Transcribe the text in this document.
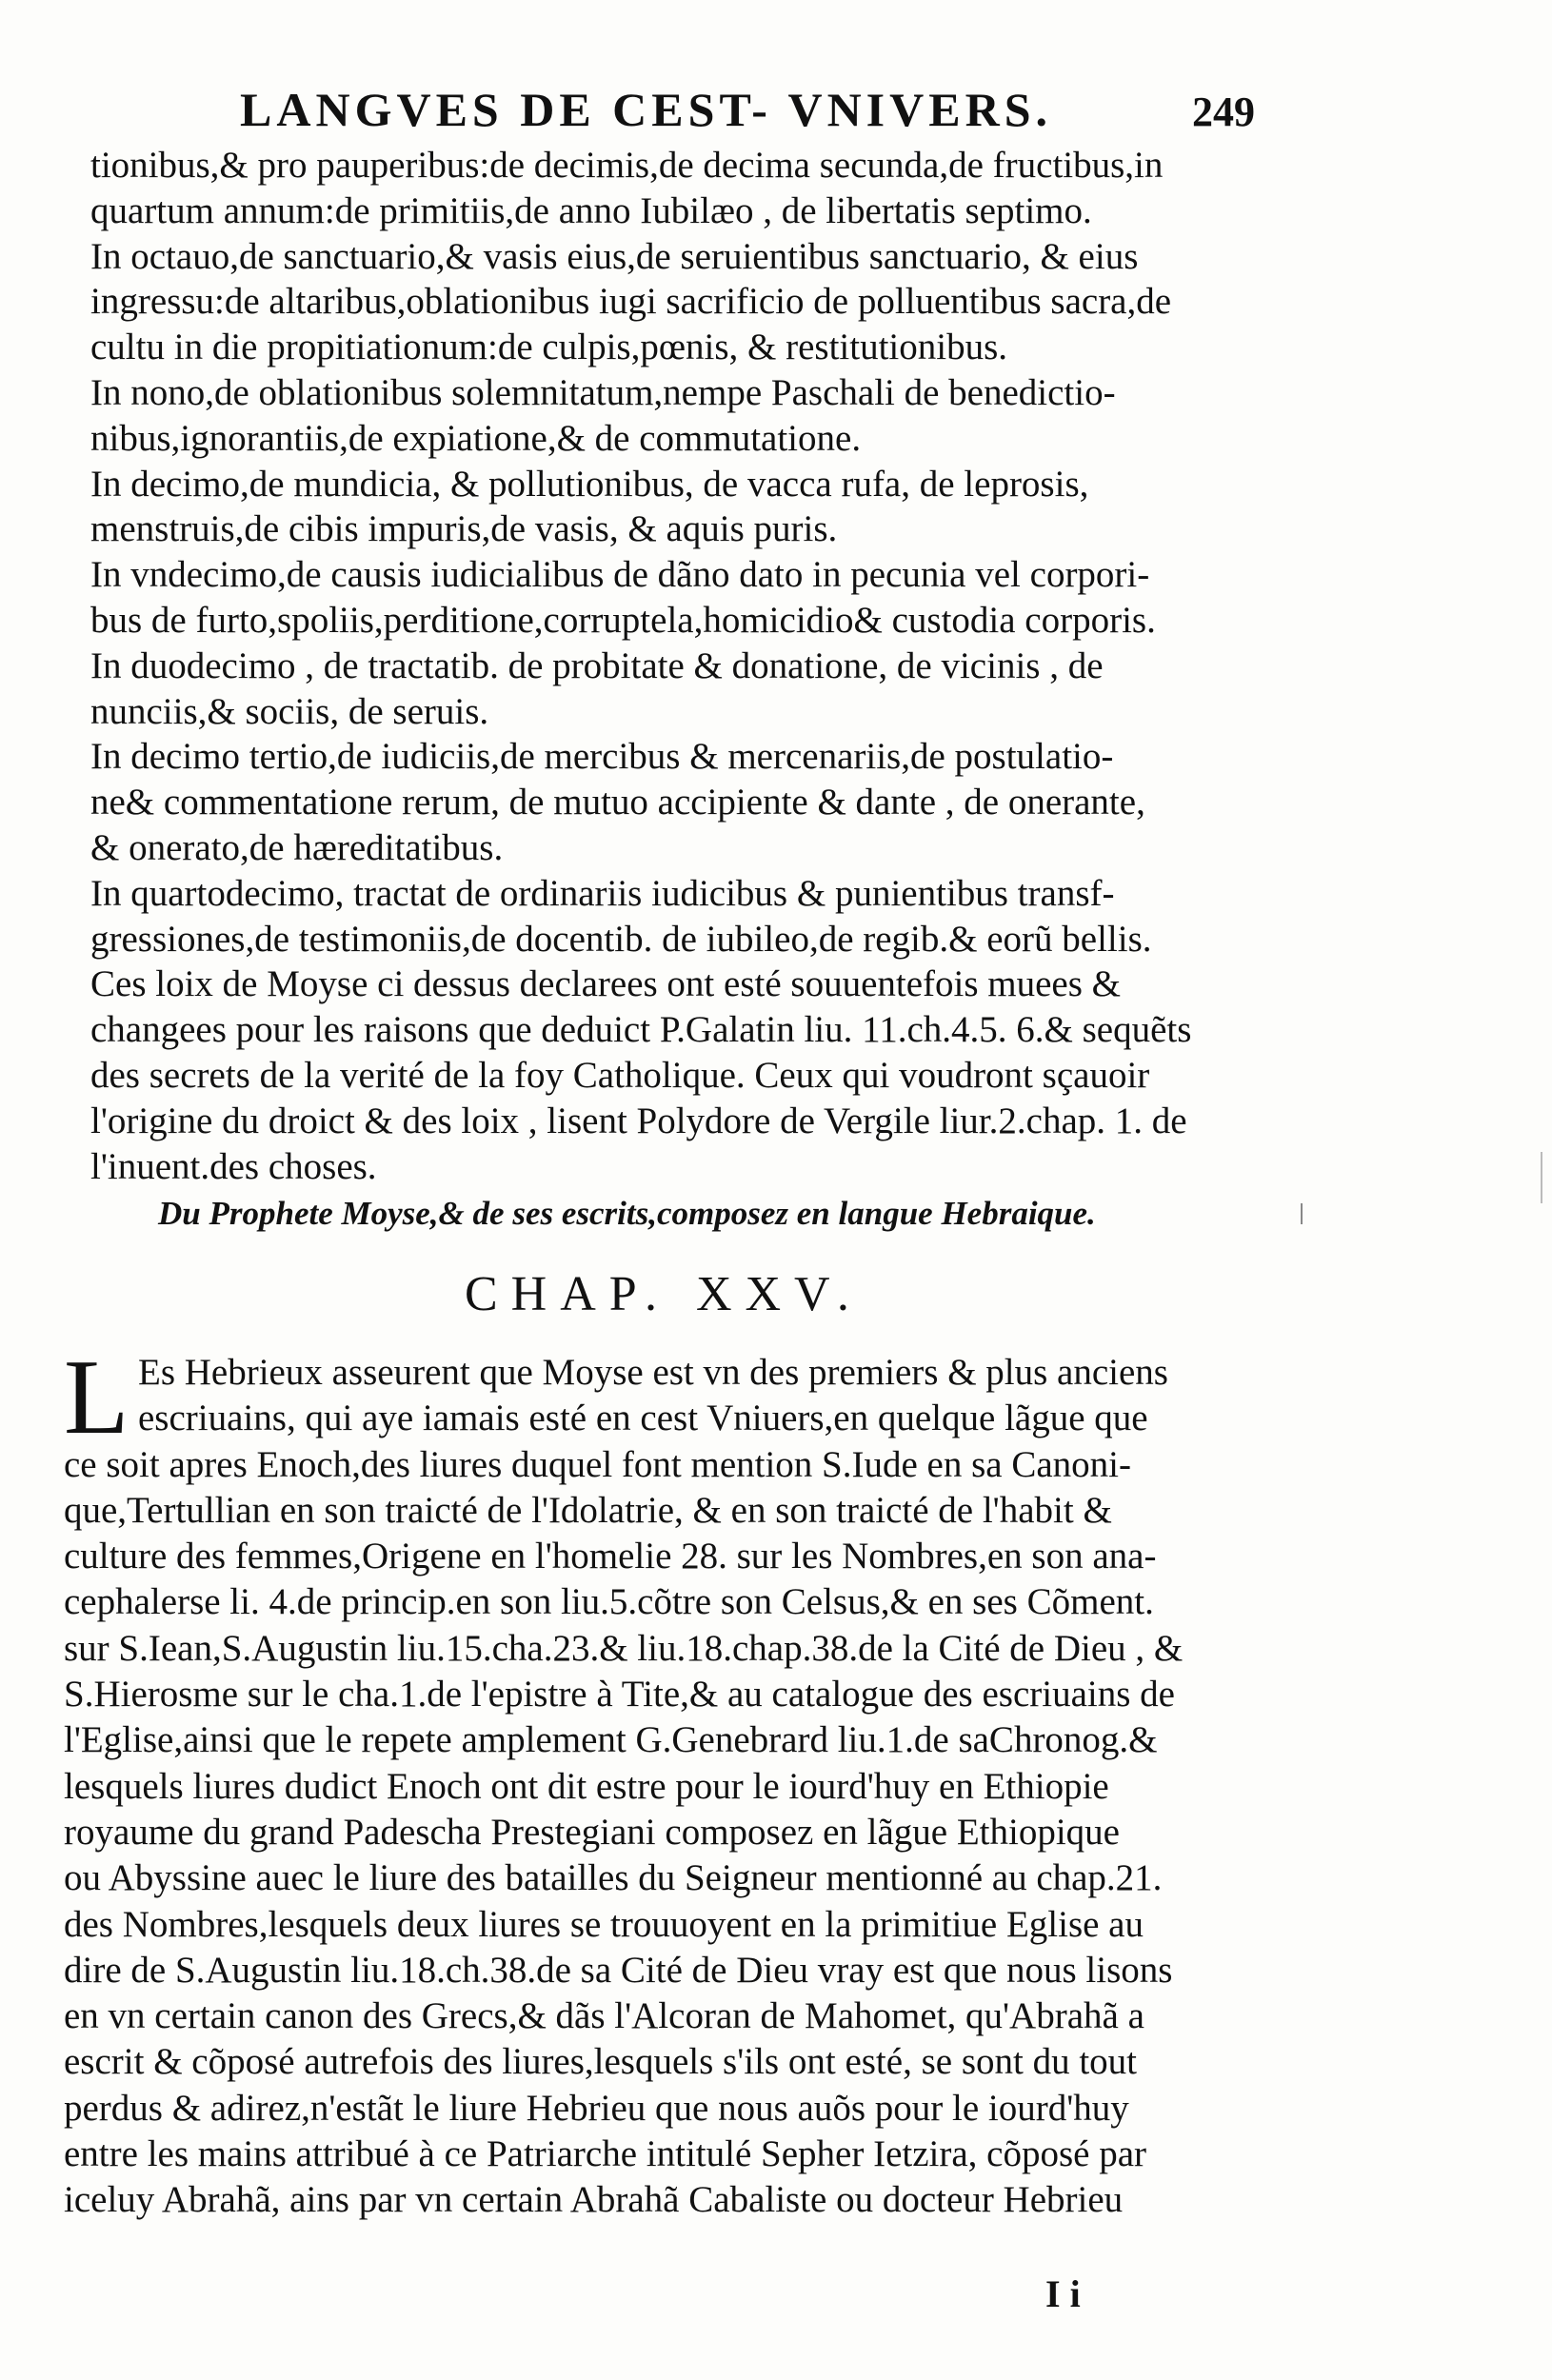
LANGVES DE CEST- VNIVERS.	249
tionibus,& pro pauperibus:de decimis,de decima secunda,de fructibus,in
quartum annum:de primitiis,de anno Iubilæo , de libertatis septimo.
In octauo,de sanctuario,& vasis eius,de seruientibus sanctuario, & eius
ingressu:de altaribus,oblationibus iugi sacrificio de polluentibus sacra,de
cultu in die propitiationum:de culpis,pœnis, & restitutionibus.
In nono,de oblationibus solemnitatum,nempe Paschali de benedictio-
nibus,ignorantiis,de expiatione,& de commutatione.
In decimo,de mundicia, & pollutionibus, de vacca rufa, de leprosis,
menstruis,de cibis impuris,de vasis, & aquis puris.
In vndecimo,de causis iudicialibus de dãno dato in pecunia vel corpori-
bus de furto,spoliis,perditione,corruptela,homicidio& custodia corporis.
In duodecimo , de tractatib. de probitate & donatione, de vicinis , de
nunciis,& sociis, de seruis.
In decimo tertio,de iudiciis,de mercibus & mercenariis,de postulatio-
ne& commentatione rerum, de mutuo accipiente & dante , de onerante,
& onerato,de hæreditatibus.
In quartodecimo, tractat de ordinariis iudicibus & punientibus transf-
gressiones,de testimoniis,de docentib. de iubileo,de regib.& eorũ bellis.
Ces loix de Moyse ci dessus declarees ont esté souuentefois muees &
changees pour les raisons que deduict P.Galatin liu. 11.ch.4.5. 6.& sequẽts
des secrets de la verité de la foy Catholique. Ceux qui voudront sçauoir
l'origine du droict & des loix , lisent Polydore de Vergile liur.2.chap. 1. de
l'inuent.des choses.
Du Prophete Moyse,& de ses escrits,composez en langue Hebraique.
CHAP. XXV.
L Es Hebrieux asseurent que Moyse est vn des premiers & plus anciens
escriuains, qui aye iamais esté en cest Vniuers,en quelque lãgue que
ce soit apres Enoch,des liures duquel font mention S.Iude en sa Canoni-
que,Tertullian en son traicté de l'Idolatrie, & en son traicté de l'habit &
culture des femmes,Origene en l'homelie 28. sur les Nombres,en son ana-
cephalerse li. 4.de princip.en son liu.5.cõtre son Celsus,& en ses Cõment.
sur S.Iean,S.Augustin liu.15.cha.23.& liu.18.chap.38.de la Cité de Dieu , &
S.Hierosme sur le cha.1.de l'epistre à Tite,& au catalogue des escriuains de
l'Eglise,ainsi que le repete amplement G.Genebrard liu.1.de saChronog.&
lesquels liures dudict Enoch ont dit estre pour le iourd'huy en Ethiopie
royaume du grand Padescha Prestegiani composez en lãgue Ethiopique
ou Abyssine auec le liure des batailles du Seigneur mentionné au chap.21.
des Nombres,lesquels deux liures se trouuoyent en la primitiue Eglise au
dire de S.Augustin liu.18.ch.38.de sa Cité de Dieu vray est que nous lisons
en vn certain canon des Grecs,& dãs l'Alcoran de Mahomet, qu'Abrahã a
escrit & cõposé autrefois des liures,lesquels s'ils ont esté, se sont du tout
perdus & adirez,n'estãt le liure Hebrieu que nous auõs pour le iourd'huy
entre les mains attribué à ce Patriarche intitulé Sepher Ietzira, cõposé par
iceluy Abrahã, ains par vn certain Abrahã Cabaliste ou docteur Hebrieu
I i
